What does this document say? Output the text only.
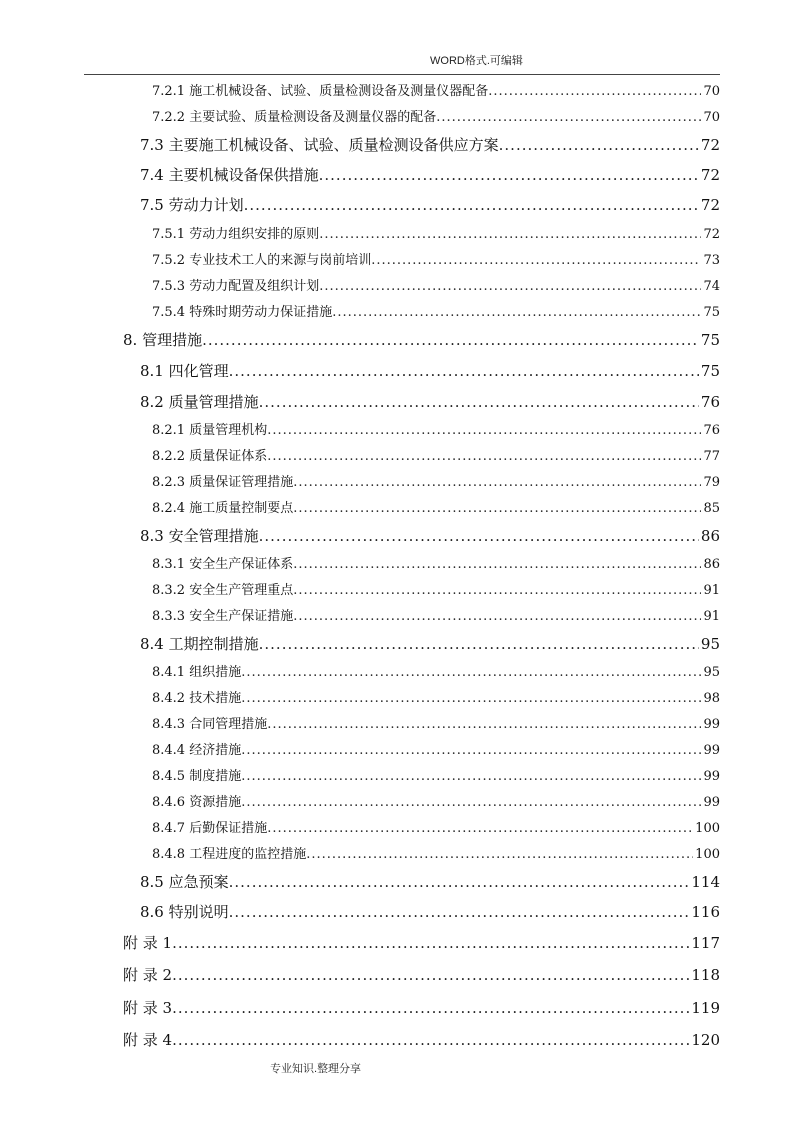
WORD格式.可编辑
7.2.1 施工机械设备、试验、质量检测设备及测量仪器配备 .....	70
7.2.2 主要试验、质量检测设备及测量仪器的配备 .....	70
7.3 主要施工机械设备、试验、质量检测设备供应方案 .....	72
7.4 主要机械设备保供措施 .....	72
7.5 劳动力计划 .....	72
7.5.1 劳动力组织安排的原则 .....	72
7.5.2 专业技术工人的来源与岗前培训 .....	73
7.5.3 劳动力配置及组织计划 .....	74
7.5.4 特殊时期劳动力保证措施 .....	75
8. 管理措施 .....	75
8.1 四化管理 .....	75
8.2 质量管理措施 .....	76
8.2.1 质量管理机构 .....	76
8.2.2 质量保证体系 .....	77
8.2.3 质量保证管理措施 .....	79
8.2.4 施工质量控制要点 .....	85
8.3 安全管理措施 .....	86
8.3.1 安全生产保证体系 .....	86
8.3.2 安全生产管理重点 .....	91
8.3.3 安全生产保证措施 .....	91
8.4 工期控制措施 .....	95
8.4.1 组织措施 .....	95
8.4.2 技术措施 .....	98
8.4.3 合同管理措施 .....	99
8.4.4 经济措施 .....	99
8.4.5 制度措施 .....	99
8.4.6 资源措施 .....	99
8.4.7 后勤保证措施 .....	100
8.4.8 工程进度的监控措施 .....	100
8.5 应急预案 .....	114
8.6 特别说明 .....	116
附 录 1 .....	117
附 录 2 .....	118
附 录 3 .....	119
附 录 4 .....	120
专业知识.整理分享
